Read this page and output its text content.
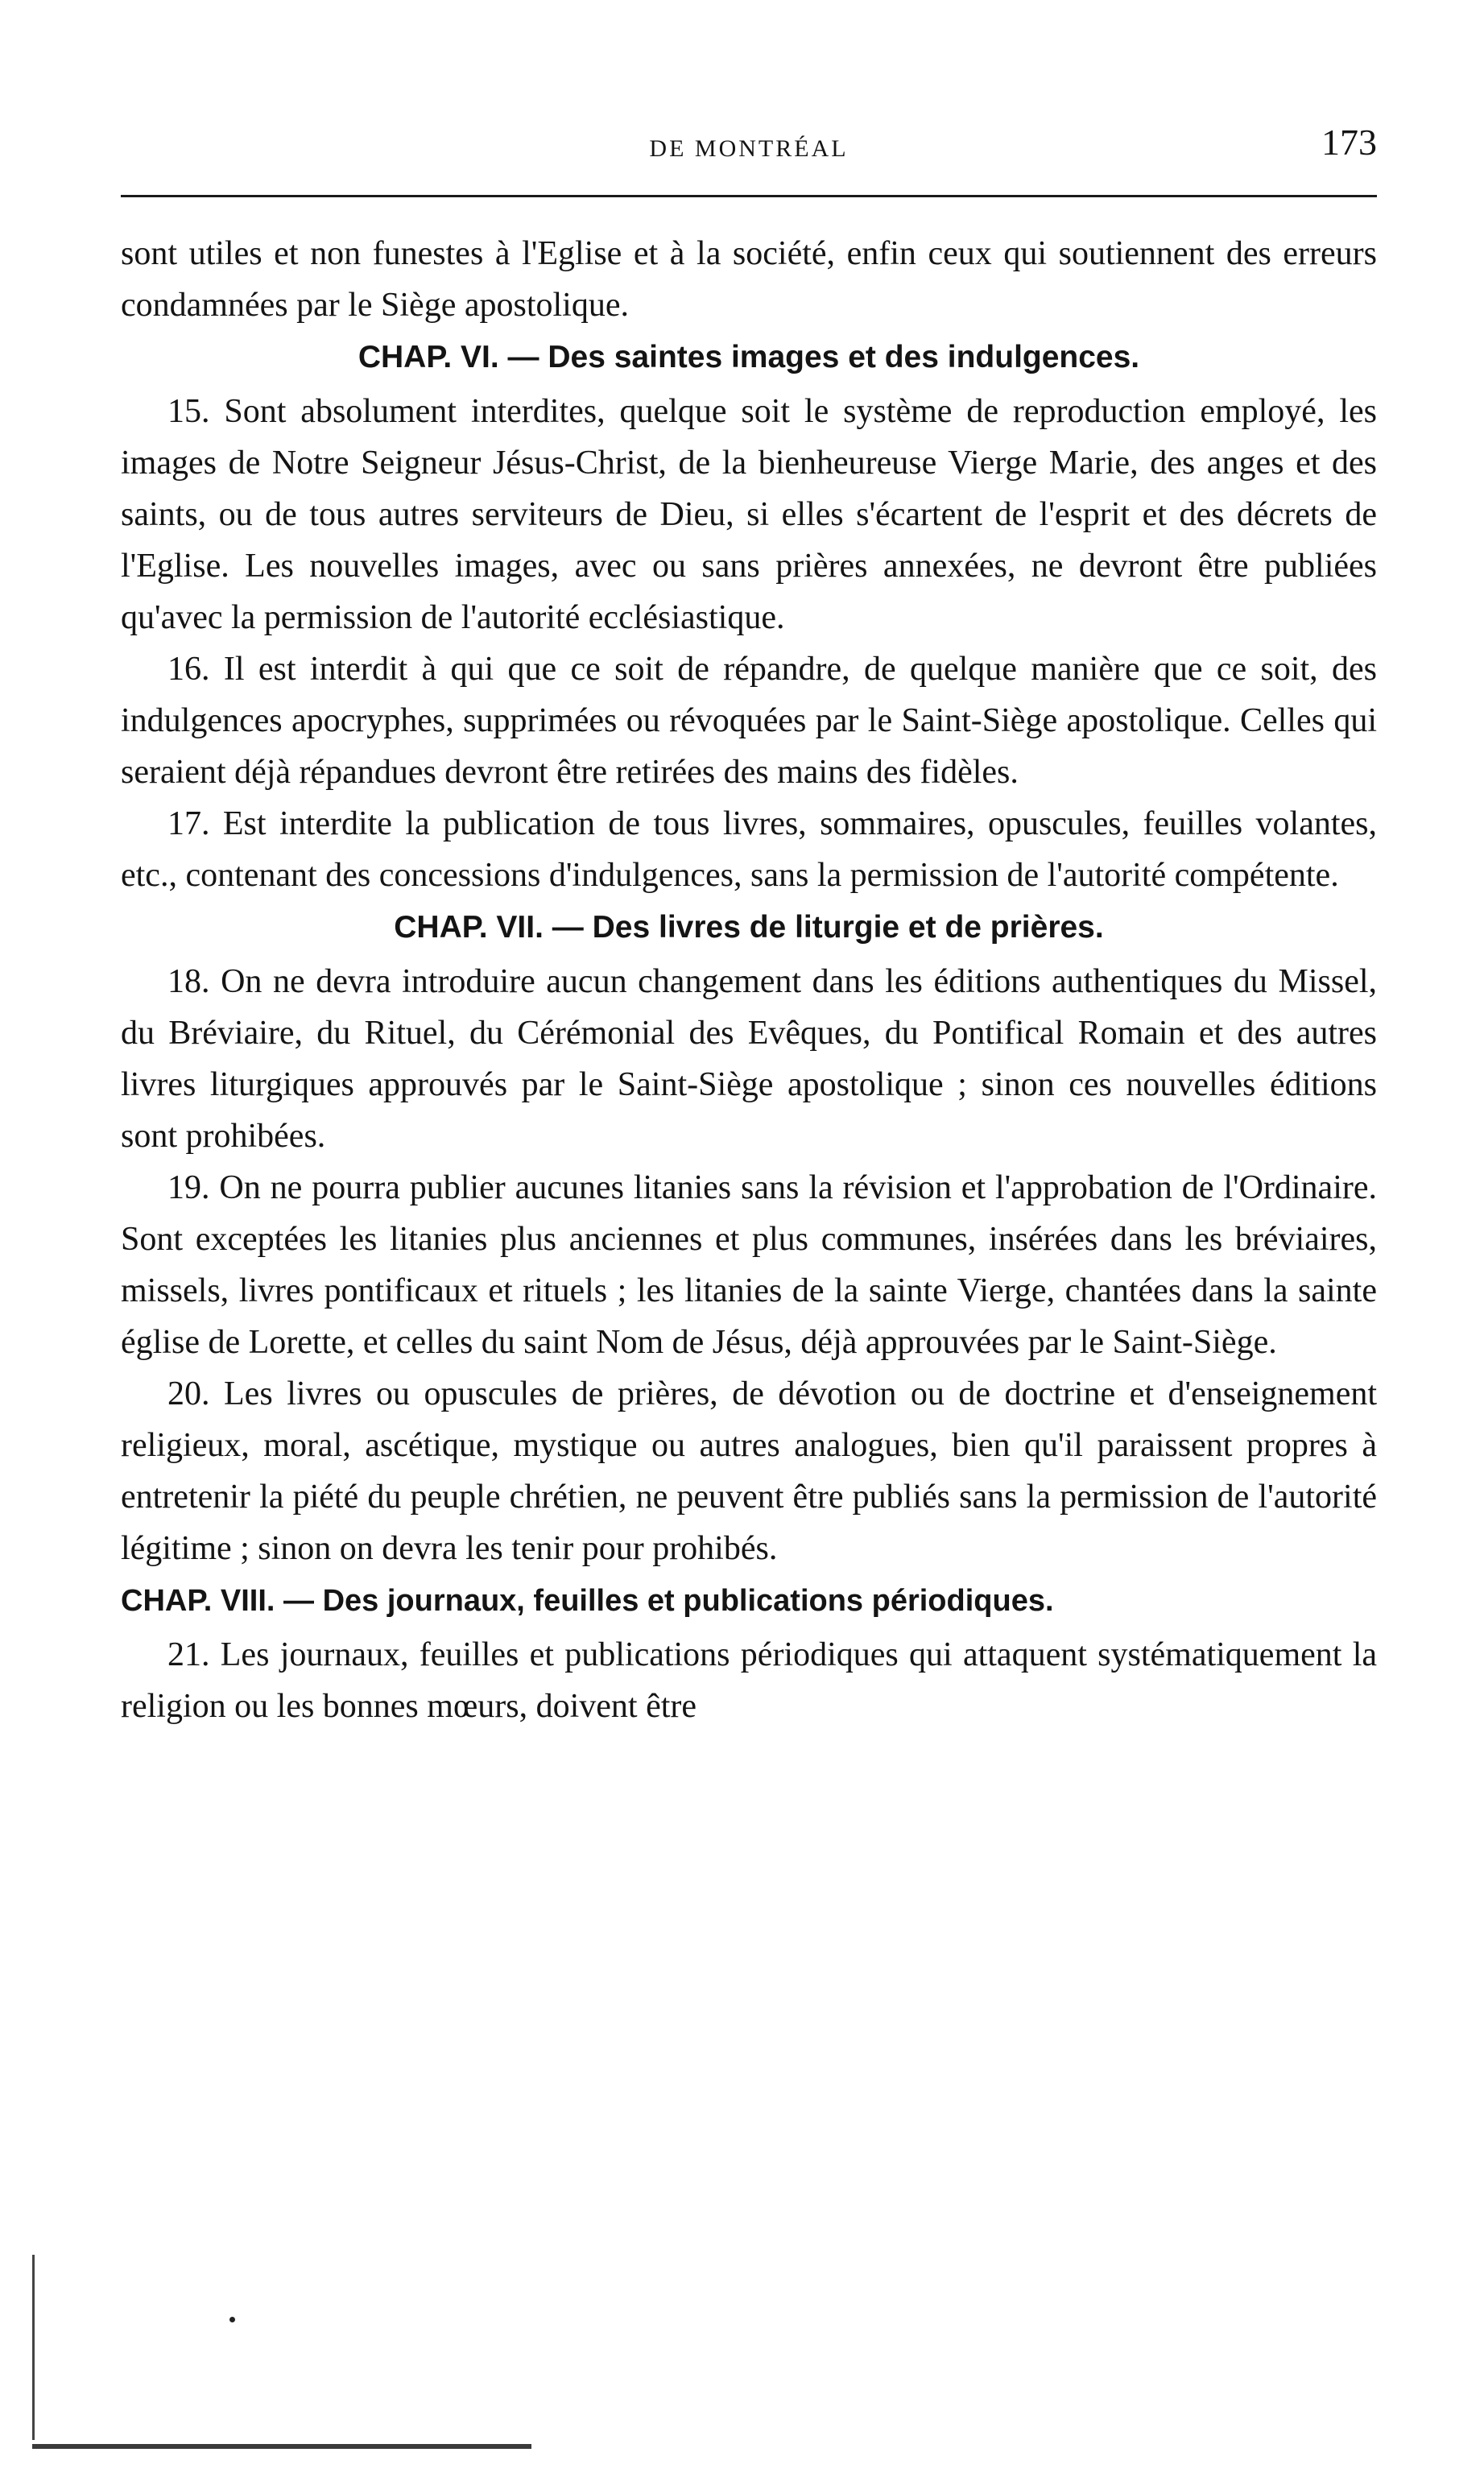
DE MONTRÉAL	173

sont utiles et non funestes à l'Eglise et à la société, enfin ceux qui soutiennent des erreurs condamnées par le Siège apostolique.

CHAP. VI. — Des saintes images et des indulgences.

15. Sont absolument interdites, quelque soit le système de reproduction employé, les images de Notre Seigneur Jésus-Christ, de la bienheureuse Vierge Marie, des anges et des saints, ou de tous autres serviteurs de Dieu, si elles s'écartent de l'esprit et des décrets de l'Eglise. Les nouvelles images, avec ou sans prières annexées, ne devront être publiées qu'avec la permission de l'autorité ecclésiastique.

16. Il est interdit à qui que ce soit de répandre, de quelque manière que ce soit, des indulgences apocryphes, supprimées ou révoquées par le Saint-Siège apostolique. Celles qui seraient déjà répandues devront être retirées des mains des fidèles.

17. Est interdite la publication de tous livres, sommaires, opuscules, feuilles volantes, etc., contenant des concessions d'indulgences, sans la permission de l'autorité compétente.

CHAP. VII. — Des livres de liturgie et de prières.

18. On ne devra introduire aucun changement dans les éditions authentiques du Missel, du Bréviaire, du Rituel, du Cérémonial des Evêques, du Pontifical Romain et des autres livres liturgiques approuvés par le Saint-Siège apostolique ; sinon ces nouvelles éditions sont prohibées.

19. On ne pourra publier aucunes litanies sans la révision et l'approbation de l'Ordinaire. Sont exceptées les litanies plus anciennes et plus communes, insérées dans les bréviaires, missels, livres pontificaux et rituels ; les litanies de la sainte Vierge, chantées dans la sainte église de Lorette, et celles du saint Nom de Jésus, déjà approuvées par le Saint-Siège.

20. Les livres ou opuscules de prières, de dévotion ou de doctrine et d'enseignement religieux, moral, ascétique, mystique ou autres analogues, bien qu'il paraissent propres à entretenir la piété du peuple chrétien, ne peuvent être publiés sans la permission de l'autorité légitime ; sinon on devra les tenir pour prohibés.

CHAP. VIII. — Des journaux, feuilles et publications périodiques.

21. Les journaux, feuilles et publications périodiques qui attaquent systématiquement la religion ou les bonnes mœurs, doivent être
